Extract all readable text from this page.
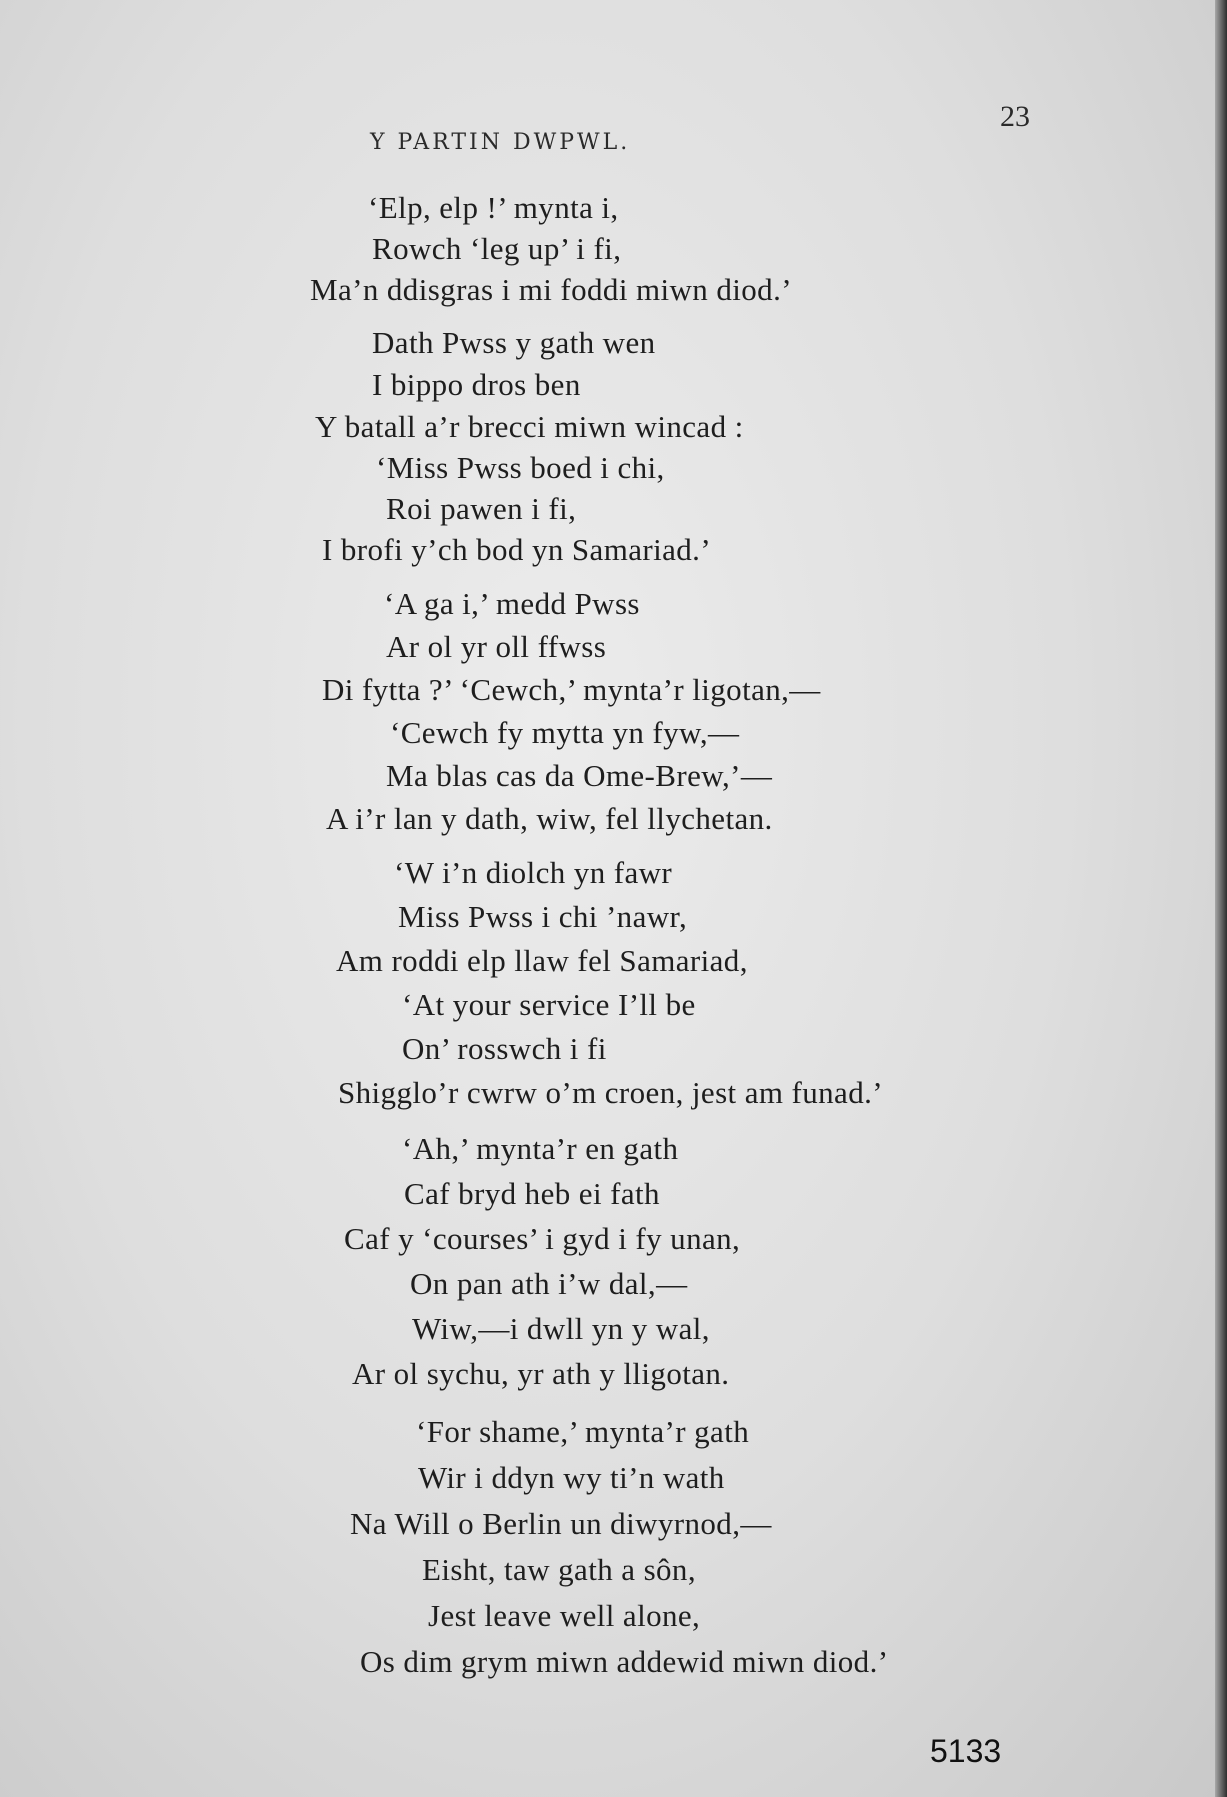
Y PARTIN DWPWL.
23
‘Elp, elp !’ mynta i,
Rowch ‘leg up’ i fi,
Ma’n ddisgras i mi foddi miwn diod.’
Dath Pwss y gath wen
I bippo dros ben
Y batall a’r brecci miwn wincad :
‘Miss Pwss boed i chi,
Roi pawen i fi,
I brofi y’ch bod yn Samariad.’
‘A ga i,’ medd Pwss
Ar ol yr oll ffwss
Di fytta ?’ ‘Cewch,’ mynta’r ligotan,—
‘Cewch fy mytta yn fyw,—
Ma blas cas da Ome-Brew,’—
A i’r lan y dath, wiw, fel llychetan.
‘W i’n diolch yn fawr
Miss Pwss i chi ’nawr,
Am roddi elp llaw fel Samariad,
‘At your service I’ll be
On’ rosswch i fi
Shigglo’r cwrw o’m croen, jest am funad.’
‘Ah,’ mynta’r en gath
Caf bryd heb ei fath
Caf y ‘courses’ i gyd i fy unan,
On pan ath i’w dal,—
Wiw,—i dwll yn y wal,
Ar ol sychu, yr ath y lligotan.
‘For shame,’ mynta’r gath
Wir i ddyn wy ti’n wath
Na Will o Berlin un diwyrnod,—
Eisht, taw gath a sôn,
Jest leave well alone,
Os dim grym miwn addewid miwn diod.’
5133
